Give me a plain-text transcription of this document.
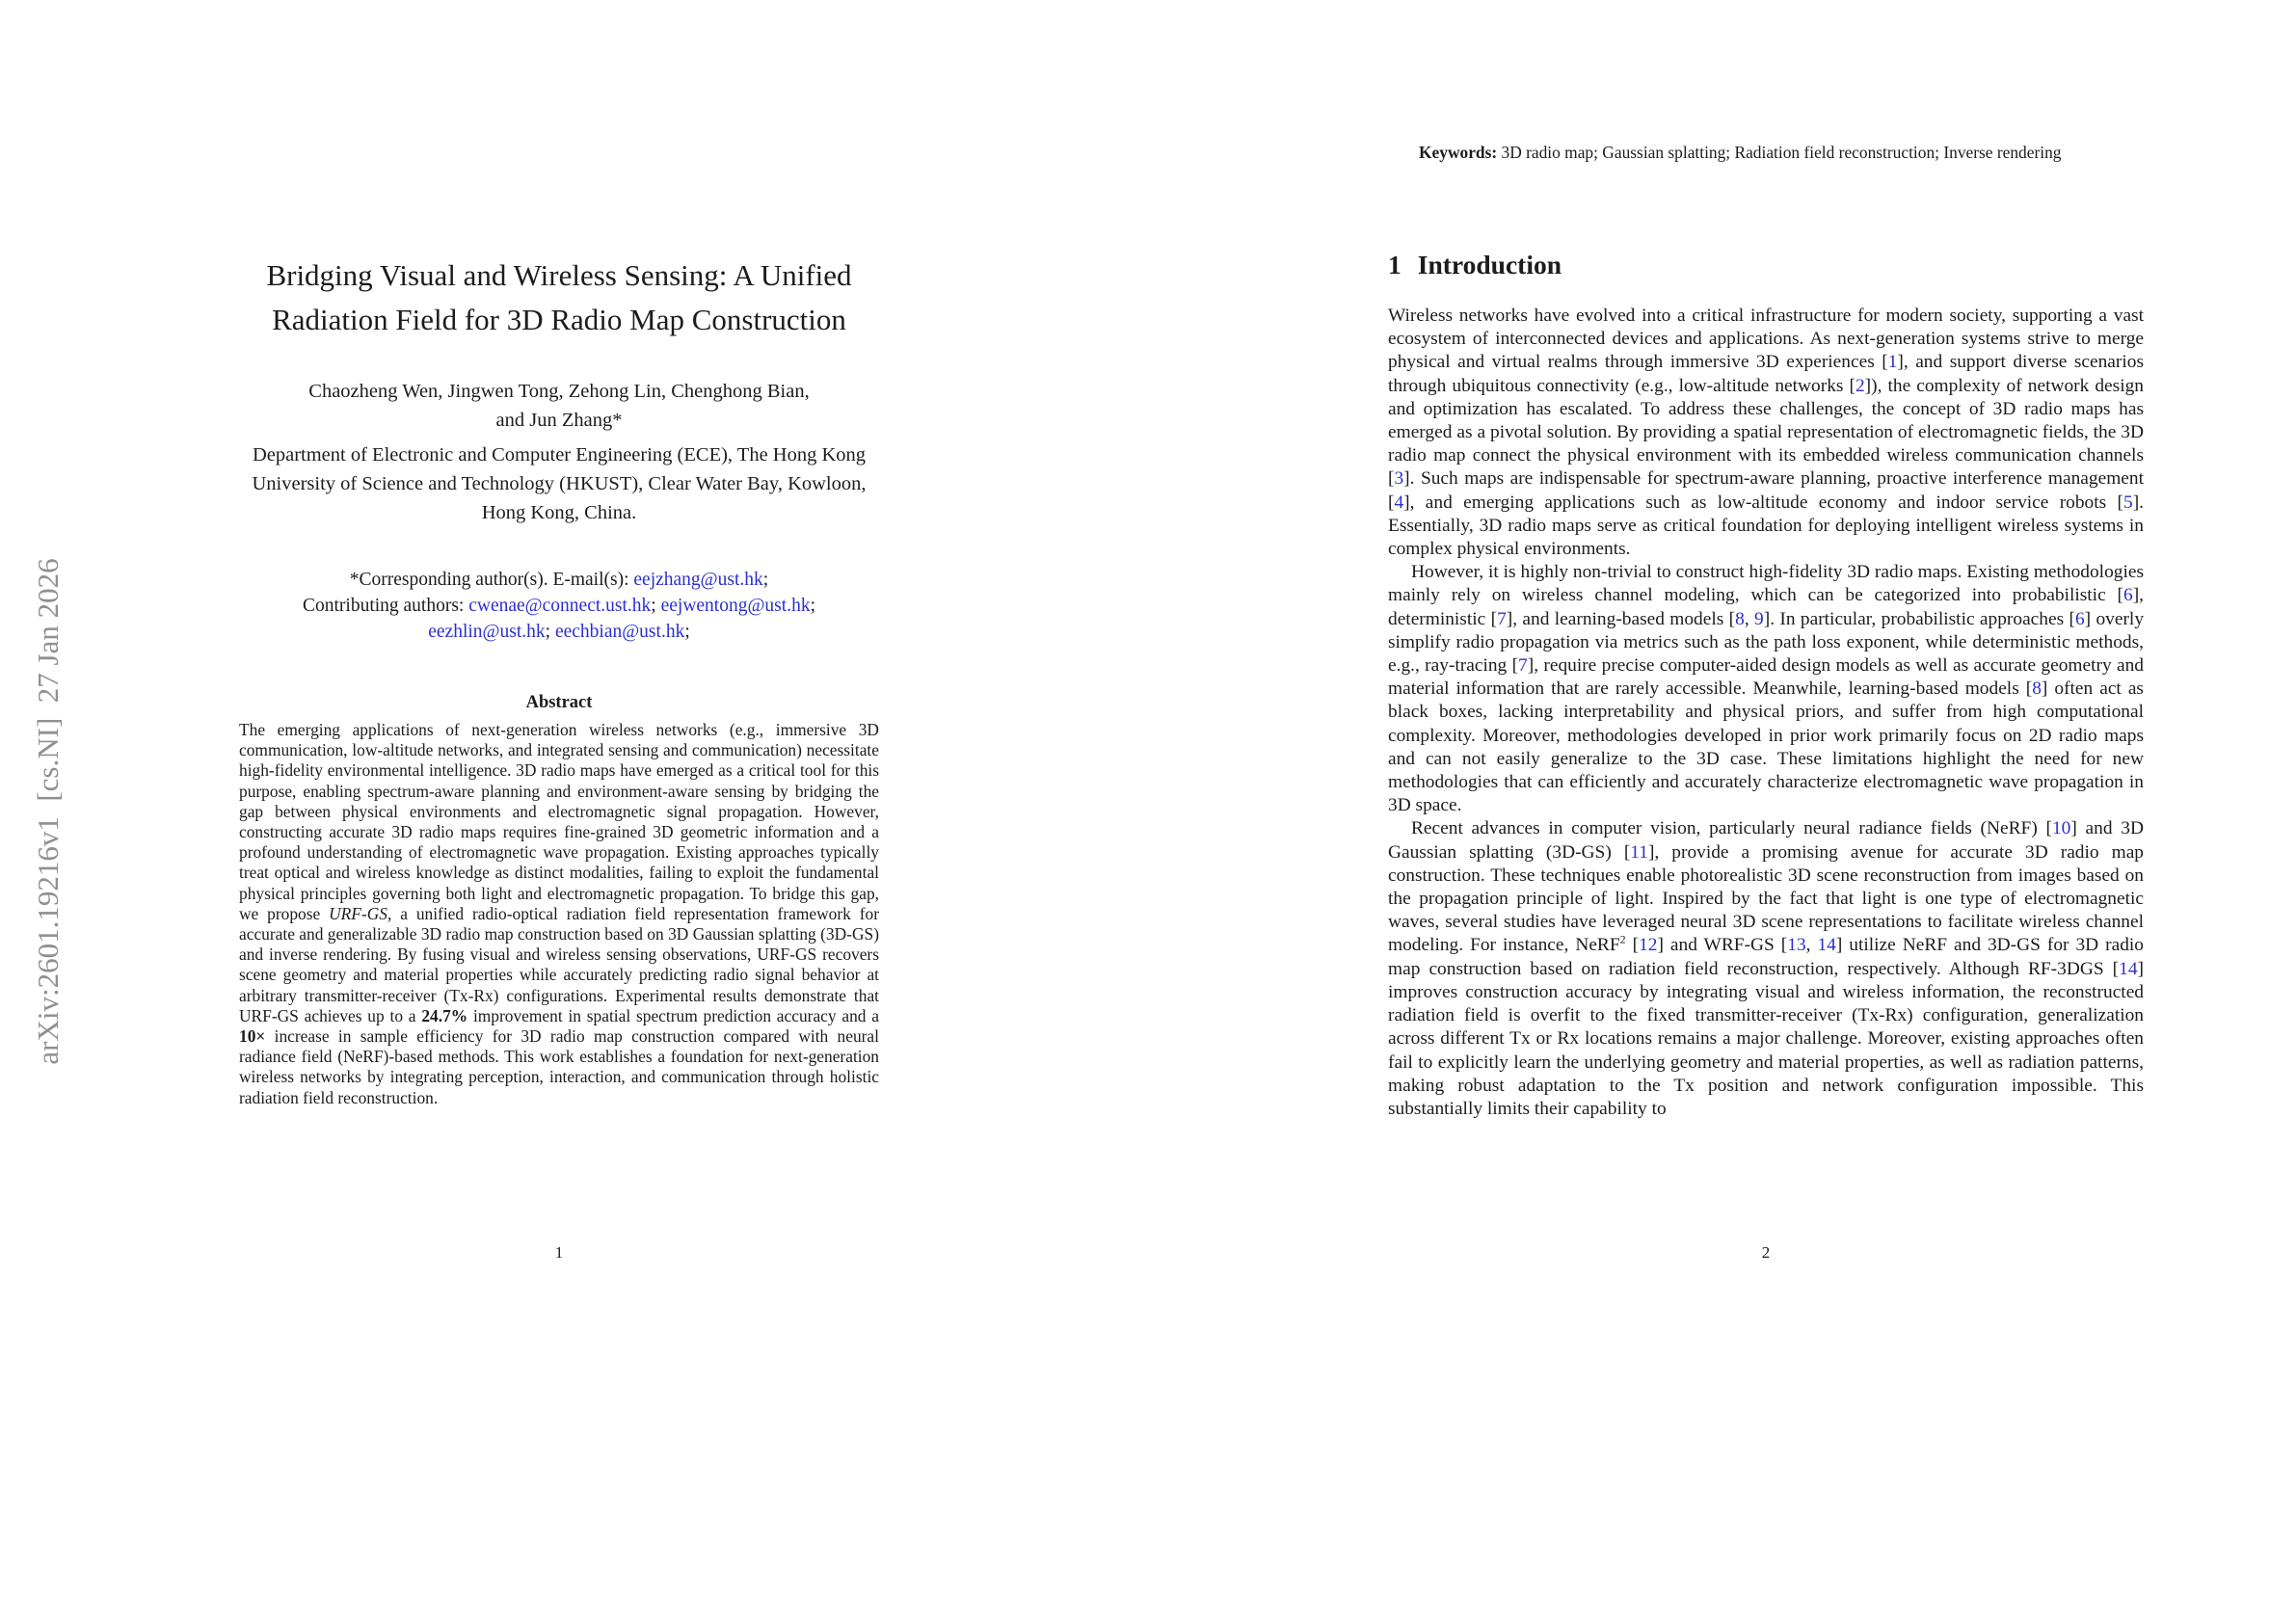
arXiv:2601.19216v1  [cs.NI]  27 Jan 2026
Bridging Visual and Wireless Sensing: A Unified Radiation Field for 3D Radio Map Construction
Chaozheng Wen, Jingwen Tong, Zehong Lin, Chenghong Bian,
and Jun Zhang*
Department of Electronic and Computer Engineering (ECE), The Hong Kong University of Science and Technology (HKUST), Clear Water Bay, Kowloon, Hong Kong, China.
*Corresponding author(s). E-mail(s): eejzhang@ust.hk;
Contributing authors: cwenae@connect.ust.hk; eejwentong@ust.hk;
eezhlin@ust.hk; eechbian@ust.hk;
Abstract
The emerging applications of next-generation wireless networks (e.g., immersive 3D communication, low-altitude networks, and integrated sensing and communication) necessitate high-fidelity environmental intelligence. 3D radio maps have emerged as a critical tool for this purpose, enabling spectrum-aware planning and environment-aware sensing by bridging the gap between physical environments and electromagnetic signal propagation. However, constructing accurate 3D radio maps requires fine-grained 3D geometric information and a profound understanding of electromagnetic wave propagation. Existing approaches typically treat optical and wireless knowledge as distinct modalities, failing to exploit the fundamental physical principles governing both light and electromagnetic propagation. To bridge this gap, we propose URF-GS, a unified radio-optical radiation field representation framework for accurate and generalizable 3D radio map construction based on 3D Gaussian splatting (3D-GS) and inverse rendering. By fusing visual and wireless sensing observations, URF-GS recovers scene geometry and material properties while accurately predicting radio signal behavior at arbitrary transmitter-receiver (Tx-Rx) configurations. Experimental results demonstrate that URF-GS achieves up to a 24.7% improvement in spatial spectrum prediction accuracy and a 10× increase in sample efficiency for 3D radio map construction compared with neural radiance field (NeRF)-based methods. This work establishes a foundation for next-generation wireless networks by integrating perception, interaction, and communication through holistic radiation field reconstruction.
1
Keywords: 3D radio map; Gaussian splatting; Radiation field reconstruction; Inverse rendering
1 Introduction

Wireless networks have evolved into a critical infrastructure for modern society, supporting a vast ecosystem of interconnected devices and applications. As next-generation systems strive to merge physical and virtual realms through immersive 3D experiences [1], and support diverse scenarios through ubiquitous connectivity (e.g., low-altitude networks [2]), the complexity of network design and optimization has escalated. To address these challenges, the concept of 3D radio maps has emerged as a pivotal solution. By providing a spatial representation of electromagnetic fields, the 3D radio map connect the physical environment with its embedded wireless communication channels [3]. Such maps are indispensable for spectrum-aware planning, proactive interference management [4], and emerging applications such as low-altitude economy and indoor service robots [5]. Essentially, 3D radio maps serve as critical foundation for deploying intelligent wireless systems in complex physical environments.

However, it is highly non-trivial to construct high-fidelity 3D radio maps. Existing methodologies mainly rely on wireless channel modeling, which can be categorized into probabilistic [6], deterministic [7], and learning-based models [8, 9]. In particular, probabilistic approaches [6] overly simplify radio propagation via metrics such as the path loss exponent, while deterministic methods, e.g., ray-tracing [7], require precise computer-aided design models as well as accurate geometry and material information that are rarely accessible. Meanwhile, learning-based models [8] often act as black boxes, lacking interpretability and physical priors, and suffer from high computational complexity. Moreover, methodologies developed in prior work primarily focus on 2D radio maps and can not easily generalize to the 3D case. These limitations highlight the need for new methodologies that can efficiently and accurately characterize electromagnetic wave propagation in 3D space.

Recent advances in computer vision, particularly neural radiance fields (NeRF) [10] and 3D Gaussian splatting (3D-GS) [11], provide a promising avenue for accurate 3D radio map construction. These techniques enable photorealistic 3D scene reconstruction from images based on the propagation principle of light. Inspired by the fact that light is one type of electromagnetic waves, several studies have leveraged neural 3D scene representations to facilitate wireless channel modeling. For instance, NeRF$^2$ [12] and WRF-GS [13, 14] utilize NeRF and 3D-GS for 3D radio map construction based on radiation field reconstruction, respectively. Although RF-3DGS [14] improves construction accuracy by integrating visual and wireless information, the reconstructed radiation field is overfit to the fixed transmitter-receiver (Tx-Rx) configuration, generalization across different Tx or Rx locations remains a major challenge. Moreover, existing approaches often fail to explicitly learn the underlying geometry and material properties, as well as radiation patterns, making robust adaptation to the Tx position and network configuration impossible. This substantially limits their capability to

2
